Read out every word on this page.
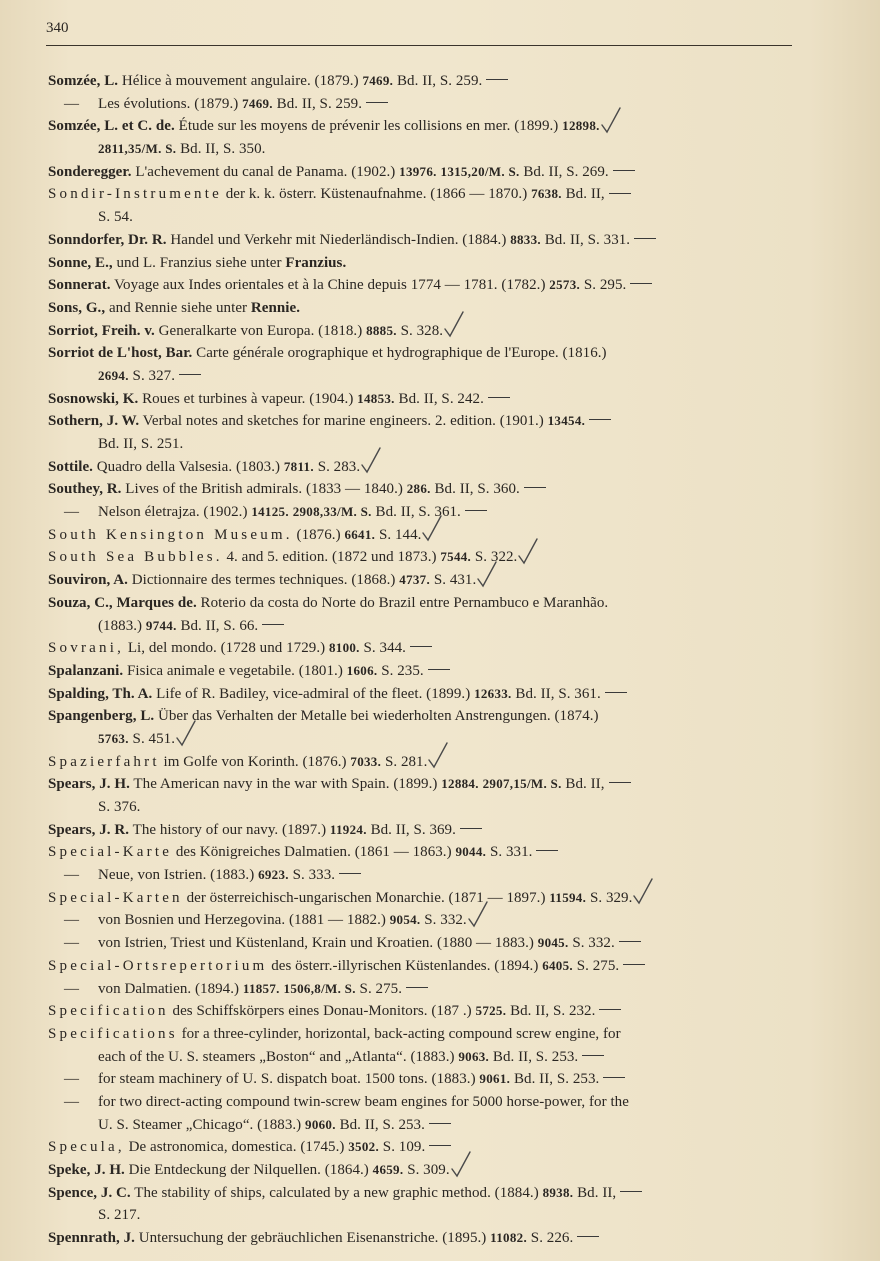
340
Somzée, L. Hélice à mouvement angulaire. (1879.) 7469. Bd. II, S. 259.
— Les évolutions. (1879.) 7469. Bd. II, S. 259.
Somzée, L. et C. de. Étude sur les moyens de prévenir les collisions en mer. (1899.) 12898.
2811,35/M. S. Bd. II, S. 350.
Sonderegger. L'achevement du canal de Panama. (1902.) 13976. 1315,20/M. S. Bd. II, S. 269.
Sondir-Instrumente der k. k. österr. Küstenaufnahme. (1866 — 1870.) 7638. Bd. II,
S. 54.
Sonndorfer, Dr. R. Handel und Verkehr mit Niederländisch-Indien. (1884.) 8833. Bd. II, S. 331.
Sonne, E., und L. Franzius siehe unter Franzius.
Sonnerat. Voyage aux Indes orientales et à la Chine depuis 1774 — 1781. (1782.) 2573. S. 295.
Sons, G., and Rennie siehe unter Rennie.
Sorriot, Freih. v. Generalkarte von Europa. (1818.) 8885. S. 328.
Sorriot de L'host, Bar. Carte générale orographique et hydrographique de l'Europe. (1816.)
2694. S. 327.
Sosnowski, K. Roues et turbines à vapeur. (1904.) 14853. Bd. II, S. 242.
Sothern, J. W. Verbal notes and sketches for marine engineers. 2. edition. (1901.) 13454.
Bd. II, S. 251.
Sottile. Quadro della Valsesia. (1803.) 7811. S. 283.
Southey, R. Lives of the British admirals. (1833 — 1840.) 286. Bd. II, S. 360.
— Nelson életrajza. (1902.) 14125. 2908,33/M. S. Bd. II, S. 361.
South Kensington Museum. (1876.) 6641. S. 144.
South Sea Bubbles. 4. and 5. edition. (1872 und 1873.) 7544. S. 322.
Souviron, A. Dictionnaire des termes techniques. (1868.) 4737. S. 431.
Souza, C., Marques de. Roterio da costa do Norte do Brazil entre Pernambuco e Maranhão.
(1883.) 9744. Bd. II, S. 66.
Sovrani, Li, del mondo. (1728 und 1729.) 8100. S. 344.
Spalanzani. Fisica animale e vegetabile. (1801.) 1606. S. 235.
Spalding, Th. A. Life of R. Badiley, vice-admiral of the fleet. (1899.) 12633. Bd. II, S. 361.
Spangenberg, L. Über das Verhalten der Metalle bei wiederholten Anstrengungen. (1874.)
5763. S. 451.
Spazierfahrt im Golfe von Korinth. (1876.) 7033. S. 281.
Spears, J. H. The American navy in the war with Spain. (1899.) 12884. 2907,15/M. S. Bd. II,
S. 376.
Spears, J. R. The history of our navy. (1897.) 11924. Bd. II, S. 369.
Special-Karte des Königreiches Dalmatien. (1861 — 1863.) 9044. S. 331.
— Neue, von Istrien. (1883.) 6923. S. 333.
Special-Karten der österreichisch-ungarischen Monarchie. (1871 — 1897.) 11594. S. 329.
— von Bosnien und Herzegovina. (1881 — 1882.) 9054. S. 332.
— von Istrien, Triest und Küstenland, Krain und Kroatien. (1880 — 1883.) 9045. S. 332.
Special-Ortsrepertorium des österr.-illyrischen Küstenlandes. (1894.) 6405. S. 275.
— von Dalmatien. (1894.) 11857. 1506,8/M. S. S. 275.
Specification des Schiffskörpers eines Donau-Monitors. (187 .) 5725. Bd. II, S. 232.
Specifications for a three-cylinder, horizontal, back-acting compound screw engine, for
each of the U. S. steamers „Boston“ and „Atlanta“. (1883.) 9063. Bd. II, S. 253.
— for steam machinery of U. S. dispatch boat. 1500 tons. (1883.) 9061. Bd. II, S. 253.
— for two direct-acting compound twin-screw beam engines for 5000 horse-power, for the
U. S. Steamer „Chicago“. (1883.) 9060. Bd. II, S. 253.
Specula, De astronomica, domestica. (1745.) 3502. S. 109.
Speke, J. H. Die Entdeckung der Nilquellen. (1864.) 4659. S. 309.
Spence, J. C. The stability of ships, calculated by a new graphic method. (1884.) 8938. Bd. II,
S. 217.
Spennrath, J. Untersuchung der gebräuchlichen Eisenanstriche. (1895.) 11082. S. 226.
